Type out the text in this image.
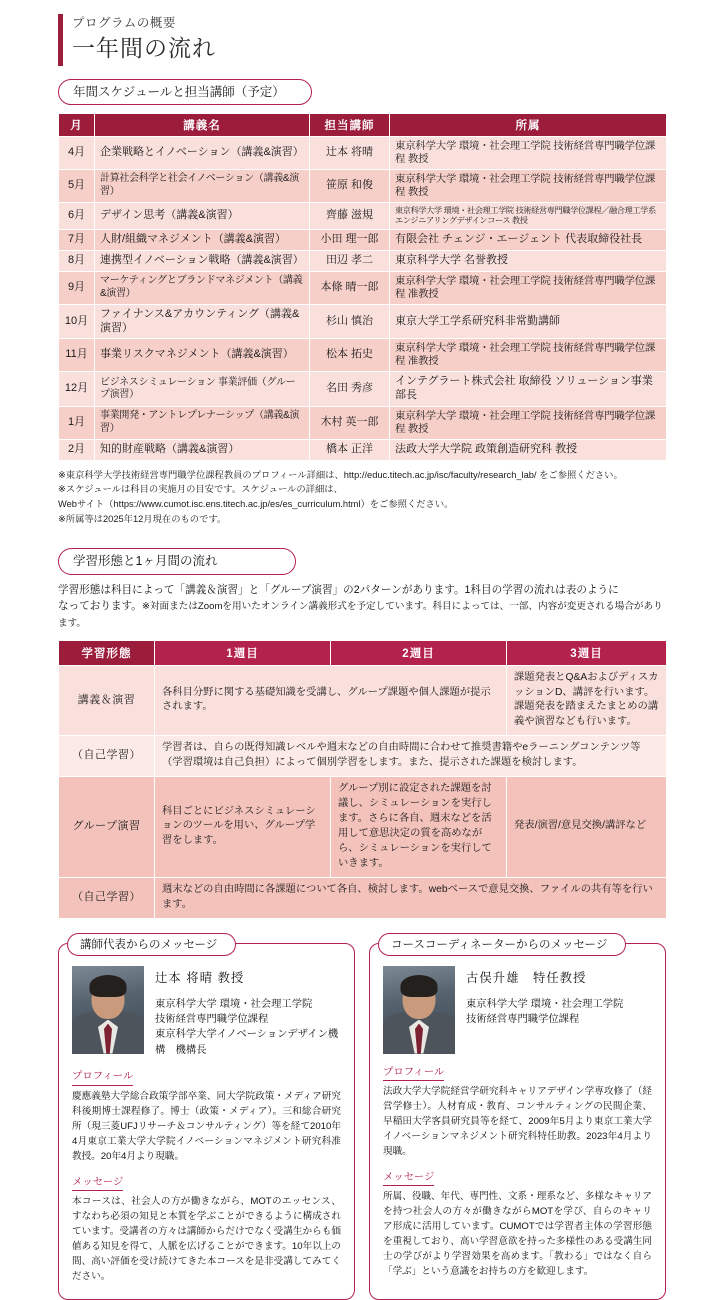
プログラムの概要
一年間の流れ
年間スケジュールと担当講師（予定）
月	講義名	担当講師	所属
4月	企業戦略とイノベーション（講義&演習）	辻本 将晴	東京科学大学 環境・社会理工学院 技術経営専門職学位課程 教授
5月	計算社会科学と社会イノベーション（講義&演習）	笹原 和俊	東京科学大学 環境・社会理工学院 技術経営専門職学位課程 教授
6月	デザイン思考（講義&演習）	齊藤 滋規	東京科学大学 環境・社会理工学院 技術経営専門職学位課程／融合理工学系エンジニアリングデザインコース 教授
7月	人財/組織マネジメント（講義&演習）	小田 理一郎	有限会社 チェンジ・エージェント 代表取締役社長
8月	連携型イノベーション戦略（講義&演習）	田辺 孝二	東京科学大学 名誉教授
9月	マーケティングとブランドマネジメント（講義&演習）	本條 晴一郎	東京科学大学 環境・社会理工学院 技術経営専門職学位課程 准教授
10月	ファイナンス&アカウンティング（講義&演習）	杉山 慎治	東京大学工学系研究科非常勤講師
11月	事業リスクマネジメント（講義&演習）	松本 拓史	東京科学大学 環境・社会理工学院 技術経営専門職学位課程 准教授
12月	ビジネスシミュレーション 事業評価（グループ演習）	名田 秀彦	インテグラート株式会社 取締役 ソリューション事業部長
1月	事業開発・アントレプレナーシップ（講義&演習）	木村 英一郎	東京科学大学 環境・社会理工学院 技術経営専門職学位課程 教授
2月	知的財産戦略（講義&演習）	橋本 正洋	法政大学大学院 政策創造研究科 教授
※東京科学大学技術経営専門職学位課程教員のプロフィール詳細は、http://educ.titech.ac.jp/isc/faculty/research_lab/ をご参照ください。
※スケジュールは科目の実施月の目安です。スケジュールの詳細は、
Webサイト（https://www.cumot.isc.ens.titech.ac.jp/es/es_curriculum.html）をご参照ください。
※所属等は2025年12月現在のものです。
学習形態と1ヶ月間の流れ
学習形態は科目によって「講義＆演習」と「グループ演習」の2パターンがあります。1科目の学習の流れは表のように
なっております。※対面またはZoomを用いたオンライン講義形式を予定しています。科目によっては、一部、内容が変更される場合があります。
学習形態	1週目	2週目	3週目
講義＆演習	各科目分野に関する基礎知識を受講し、グループ課題や個人課題が提示されます。		課題発表とQ&AおよびディスカッションD、講評を行います。課題発表を踏まえたまとめの講義や演習なども行います。
（自己学習）	学習者は、自らの既得知識レベルや週末などの自由時間に合わせて推奨書籍やeラーニングコンテンツ等（学習環境は自己負担）によって個別学習をします。また、提示された課題を検討します。		
グループ演習	科目ごとにビジネスシミュレーションのツールを用い、グループ学習をします。	グループ別に設定された課題を討議し、シミュレーションを実行します。さらに各自、週末などを活用して意思決定の質を高めながら、シミュレーションを実行していきます。	発表/演習/意見交換/講評など
（自己学習）	週末などの自由時間に各課題について各自、検討します。webベースで意見交換、ファイルの共有等を行います。		
講師代表からのメッセージ
辻本 将晴 教授
東京科学大学 環境・社会理工学院
技術経営専門職学位課程
東京科学大学イノベーションデザイン機構　機構長
プロフィール
慶應義塾大学総合政策学部卒業、同大学院政策・メディア研究科後期博士課程修了。博士（政策・メディア）。三和総合研究所（現三菱UFJリサーチ＆コンサルティング）等を経て2010年4月東京工業大学大学院イノベーションマネジメント研究科准教授。20年4月より現職。
メッセージ
本コースは、社会人の方が働きながら、MOTのエッセンス、すなわち必須の知見と本質を学ぶことができるように構成されています。受講者の方々は講師からだけでなく受講生からも価値ある知見を得て、人脈を広げることができます。10年以上の間、高い評価を受け続けてきた本コースを是非受講してみてください。
コースコーディネーターからのメッセージ
古俣升雄　特任教授
東京科学大学 環境・社会理工学院
技術経営専門職学位課程
プロフィール
法政大学大学院経営学研究科キャリアデザイン学専攻修了（経営学修士）。人材育成・教育、コンサルティングの民間企業、早稲田大学客員研究員等を経て、2009年5月より東京工業大学イノベーションマネジメント研究科特任助教。2023年4月より現職。
メッセージ
所属、役職、年代、専門性、文系・理系など、多様なキャリアを持つ社会人の方々が働きながらMOTを学び、自らのキャリア形成に活用しています。CUMOTでは学習者主体の学習形態を重視しており、高い学習意欲を持った多様性のある受講生同士の学びがより学習効果を高めます。「教わる」ではなく自ら「学ぶ」という意識をお持ちの方を歓迎します。
